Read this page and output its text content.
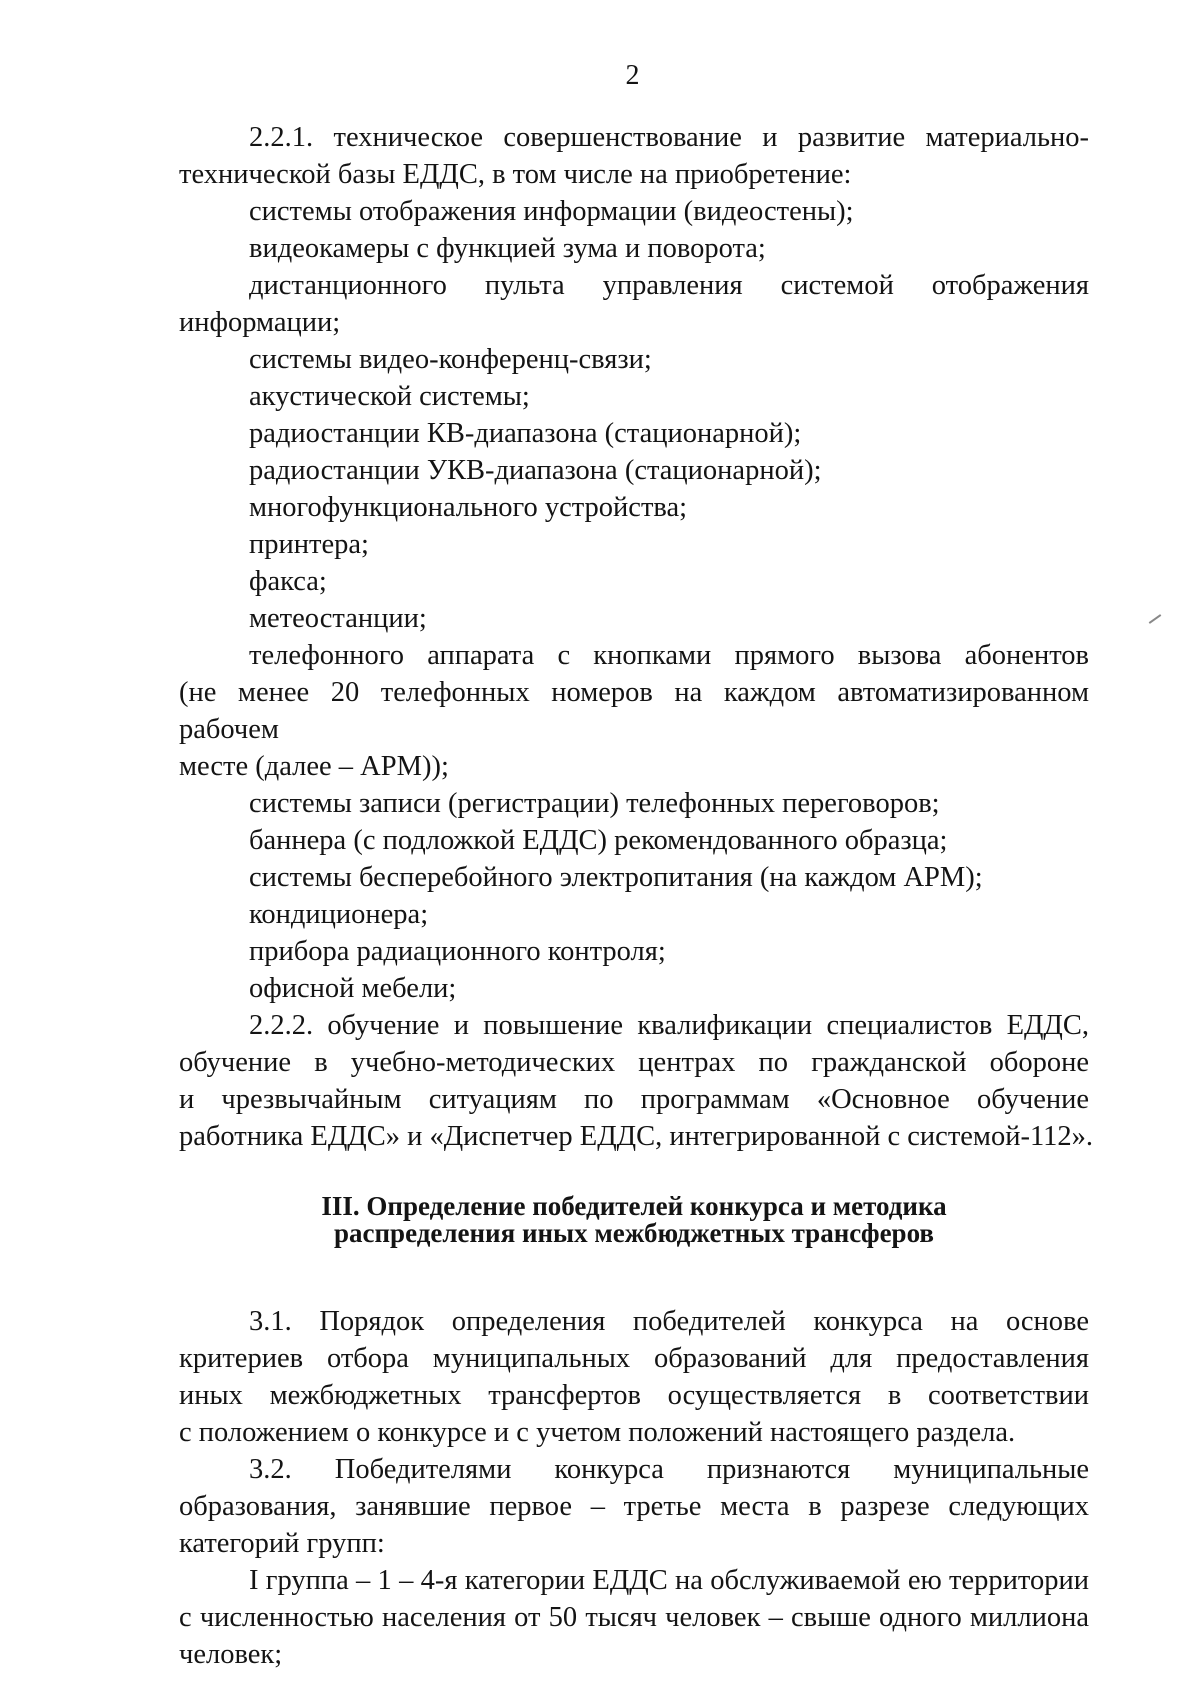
2

2.2.1. техническое совершенствование и развитие материально-
технической базы ЕДДС, в том числе на приобретение:

системы отображения информации (видеостены);

видеокамеры с функцией зума и поворота;

дистанционного пульта управления системой отображения
информации;

системы видео-конференц-связи;

акустической системы;

радиостанции КВ-диапазона (стационарной);

радиостанции УКВ-диапазона (стационарной);

многофункционального устройства;

принтера;

факса;

метеостанции;

телефонного аппарата с кнопками прямого вызова абонентов
(не менее 20 телефонных номеров на каждом автоматизированном рабочем
месте (далее – АРМ));

системы записи (регистрации) телефонных переговоров;

баннера (с подложкой ЕДДС) рекомендованного образца;

системы бесперебойного электропитания (на каждом АРМ);

кондиционера;

прибора радиационного контроля;

офисной мебели;

2.2.2. обучение и повышение квалификации специалистов ЕДДС,
обучение в учебно-методических центрах по гражданской обороне
и чрезвычайным ситуациям по программам «Основное обучение
работника ЕДДС» и «Диспетчер ЕДДС, интегрированной с системой-112».

III. Определение победителей конкурса и методика
распределения иных межбюджетных трансферов

3.1. Порядок определения победителей конкурса на основе
критериев отбора муниципальных образований для предоставления
иных межбюджетных трансфертов осуществляется в соответствии
с положением о конкурсе и с учетом положений настоящего раздела.

3.2. Победителями конкурса признаются муниципальные
образования, занявшие первое – третье места в разрезе следующих
категорий групп:

I группа – 1 – 4-я категории ЕДДС на обслуживаемой ею территории
с численностью населения от 50 тысяч человек – свыше одного миллиона
человек;
